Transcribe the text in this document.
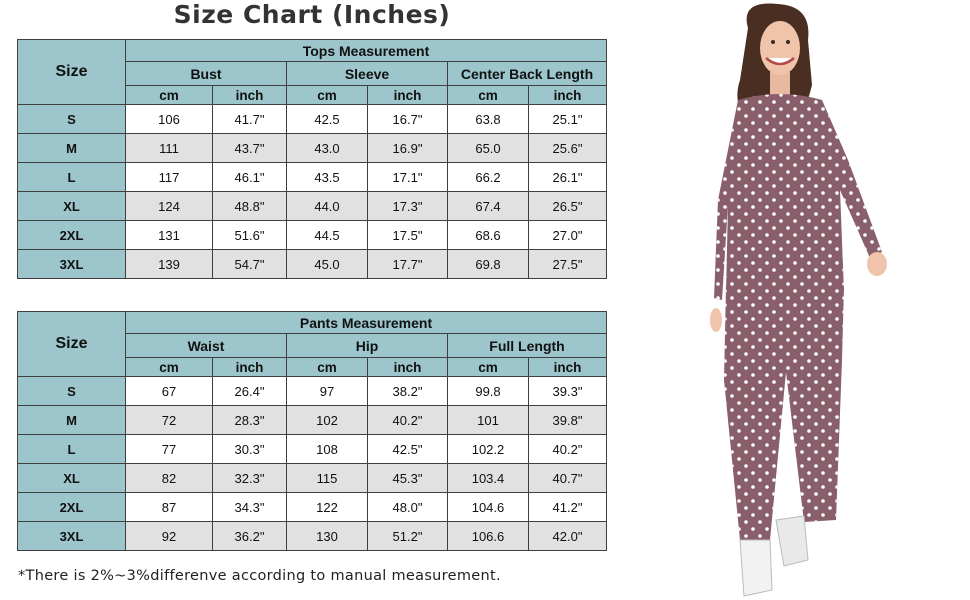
Size Chart (Inches)
Size	Tops Measurement					
	Bust		Sleeve		Center Back Length	
	cm	inch	cm	inch	cm	inch
S	106	41.7"	42.5	16.7"	63.8	25.1"
M	111	43.7"	43.0	16.9"	65.0	25.6"
L	117	46.1"	43.5	17.1"	66.2	26.1"
XL	124	48.8"	44.0	17.3"	67.4	26.5"
2XL	131	51.6"	44.5	17.5"	68.6	27.0"
3XL	139	54.7"	45.0	17.7"	69.8	27.5"
Size	Pants Measurement					
	Waist		Hip		Full Length	
	cm	inch	cm	inch	cm	inch
S	67	26.4"	97	38.2"	99.8	39.3"
M	72	28.3"	102	40.2"	101	39.8"
L	77	30.3"	108	42.5"	102.2	40.2"
XL	82	32.3"	115	45.3"	103.4	40.7"
2XL	87	34.3"	122	48.0"	104.6	41.2"
3XL	92	36.2"	130	51.2"	106.6	42.0"
*There is 2%~3%differenve according to manual measurement.
